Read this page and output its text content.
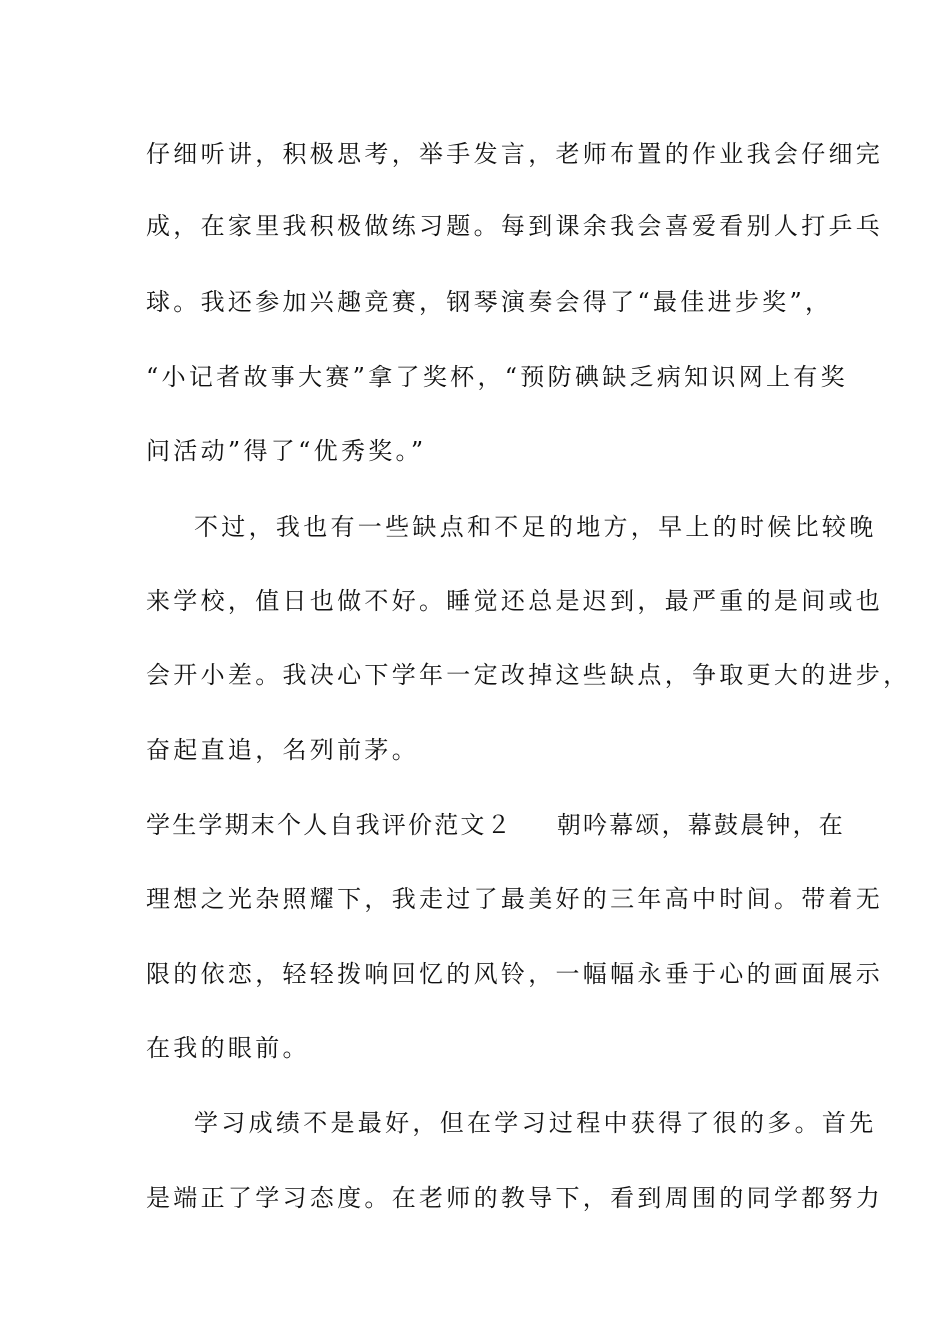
仔细听讲，积极思考，举手发言，老师布置的作业我会仔细完
成，在家里我积极做练习题。每到课余我会喜爱看别人打乒乓
球。我还参加兴趣竞赛，钢琴演奏会得了“最佳进步奖”，
“小记者故事大赛”拿了奖杯，“预防碘缺乏病知识网上有奖
问活动”得了“优秀奖。”
不过，我也有一些缺点和不足的地方，早上的时候比较晚
来学校，值日也做不好。睡觉还总是迟到，最严重的是间或也
会开小差。我决心下学年一定改掉这些缺点，争取更大的进步，
奋起直追，名列前茅。
学生学期末个人自我评价范文２ 朝吟幕颂，幕鼓晨钟，在
理想之光杂照耀下，我走过了最美好的三年高中时间。带着无
限的依恋，轻轻拨响回忆的风铃，一幅幅永垂于心的画面展示
在我的眼前。
学习成绩不是最好，但在学习过程中获得了很的多。首先
是端正了学习态度。在老师的教导下，看到周围的同学都努力
